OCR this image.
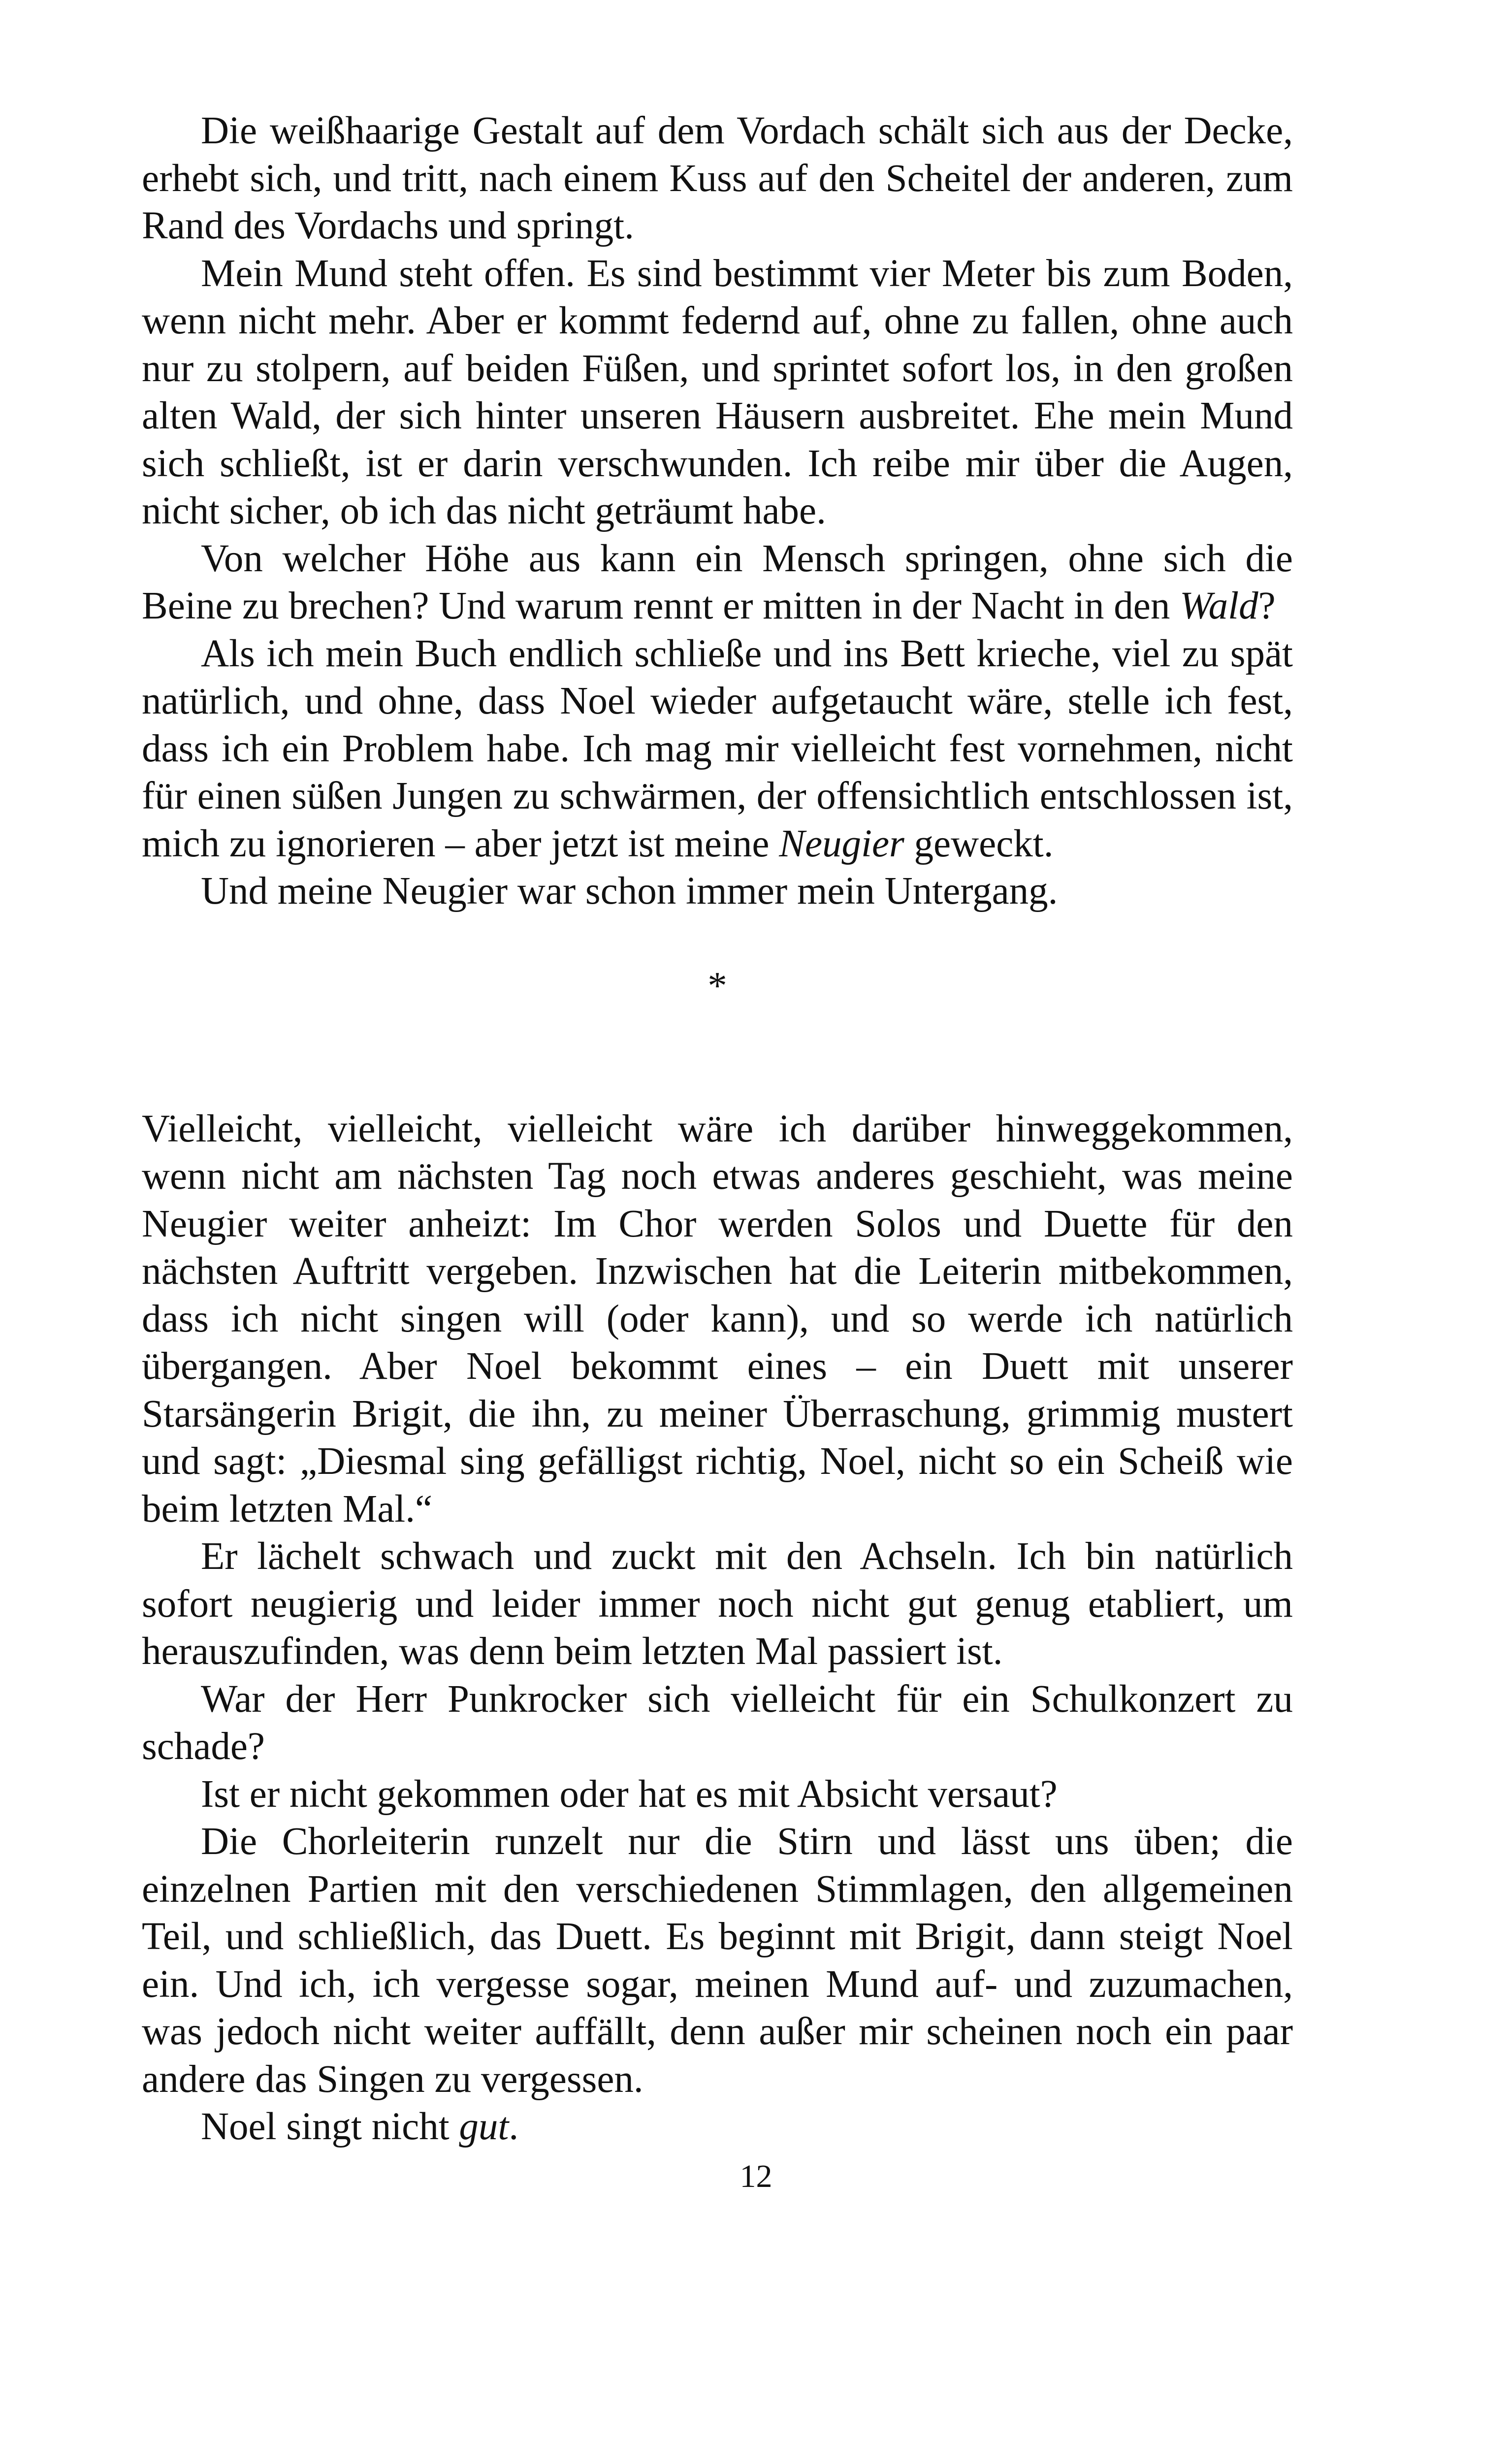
Die weißhaarige Gestalt auf dem Vordach schält sich aus der Decke, erhebt sich, und tritt, nach einem Kuss auf den Scheitel der anderen, zum Rand des Vordachs und springt.

Mein Mund steht offen. Es sind bestimmt vier Meter bis zum Boden, wenn nicht mehr. Aber er kommt federnd auf, ohne zu fallen, ohne auch nur zu stolpern, auf beiden Füßen, und sprintet sofort los, in den großen alten Wald, der sich hinter unseren Häusern ausbreitet. Ehe mein Mund sich schließt, ist er darin verschwunden. Ich reibe mir über die Augen, nicht sicher, ob ich das nicht geträumt habe.

Von welcher Höhe aus kann ein Mensch springen, ohne sich die Beine zu brechen? Und warum rennt er mitten in der Nacht in den Wald?

Als ich mein Buch endlich schließe und ins Bett krieche, viel zu spät natürlich, und ohne, dass Noel wieder aufgetaucht wäre, stelle ich fest, dass ich ein Problem habe. Ich mag mir vielleicht fest vornehmen, nicht für einen süßen Jungen zu schwärmen, der offensichtlich entschlossen ist, mich zu ignorieren – aber jetzt ist meine Neugier geweckt.

Und meine Neugier war schon immer mein Untergang.

*

Vielleicht, vielleicht, vielleicht wäre ich darüber hinweggekommen, wenn nicht am nächsten Tag noch etwas anderes geschieht, was meine Neugier weiter anheizt: Im Chor werden Solos und Duette für den nächsten Auftritt vergeben. Inzwischen hat die Leiterin mitbekommen, dass ich nicht singen will (oder kann), und so werde ich natürlich übergangen. Aber Noel bekommt eines – ein Duett mit unserer Starsängerin Brigit, die ihn, zu meiner Überraschung, grimmig mustert und sagt: „Diesmal sing gefälligst richtig, Noel, nicht so ein Scheiß wie beim letzten Mal.“

Er lächelt schwach und zuckt mit den Achseln. Ich bin natürlich sofort neugierig und leider immer noch nicht gut genug etabliert, um herauszufinden, was denn beim letzten Mal passiert ist.

War der Herr Punkrocker sich vielleicht für ein Schulkonzert zu schade?

Ist er nicht gekommen oder hat es mit Absicht versaut?

Die Chorleiterin runzelt nur die Stirn und lässt uns üben; die einzelnen Partien mit den verschiedenen Stimmlagen, den allgemeinen Teil, und schließlich, das Duett. Es beginnt mit Brigit, dann steigt Noel ein. Und ich, ich vergesse sogar, meinen Mund auf- und zuzumachen, was jedoch nicht weiter auffällt, denn außer mir scheinen noch ein paar andere das Singen zu vergessen.

Noel singt nicht gut.

12
